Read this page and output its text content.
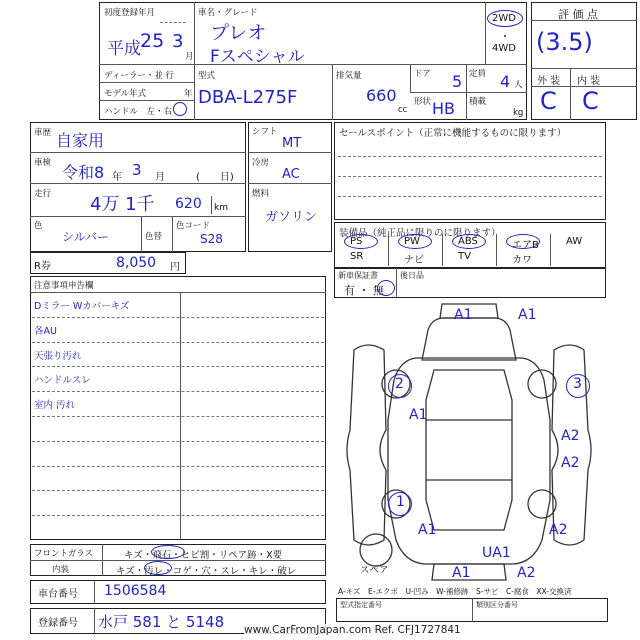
初度登録年月
平成 25 3
月
車名・グレード
プレオ
Fスペシャル
2WD
・
4WD
ディーラー・並 行
モデル年式	年
ハンドル　左・右
型式
DBA-L275F
排気量
660
cc
ドア 5
形状 HB
定員 4 人
積載
kg
評 価 点
(3.5)
外 装 内 装
C C
車歴 自家用
車検 令和8 年 3 月	(　　日)
走行 4万 1千 620 km
色
シルバー	色替
色コード
S28
シフト
MT
冷房
AC
燃料
ガソリン
R券	8,050 円
セールスポイント（正常に機能するものに限ります）
装備品（純正品に限りのに限ります）
PS	PW	ABS	エアB	AW
SR	ナビ	TV	カワ
新車保証書
有 ・ 無
後日品
注意事項申告欄
Dミラー Wカバーキズ
各AU
天張り汚れ
ハンドルスレ
室内 汚れ
フロントガラス	キズ・飛石・ヒビ割・リペア跡・X要
内装	キズ・汚レ・コゲ・穴・スレ・キレ・破レ
車台番号 1506584
登録番号 水戸 581 と 5148
スペア
A1	A1
A1
2	3
A2
A2
1
A1	A2
UA1
A1	A2
A-キズ　E-エクボ　U-凹み　W-補修跡　S-サビ　C-腐食　XX-交換済
型式指定番号	類別区分番号
www.CarFromJapan.com Ref. CFJ1727841
